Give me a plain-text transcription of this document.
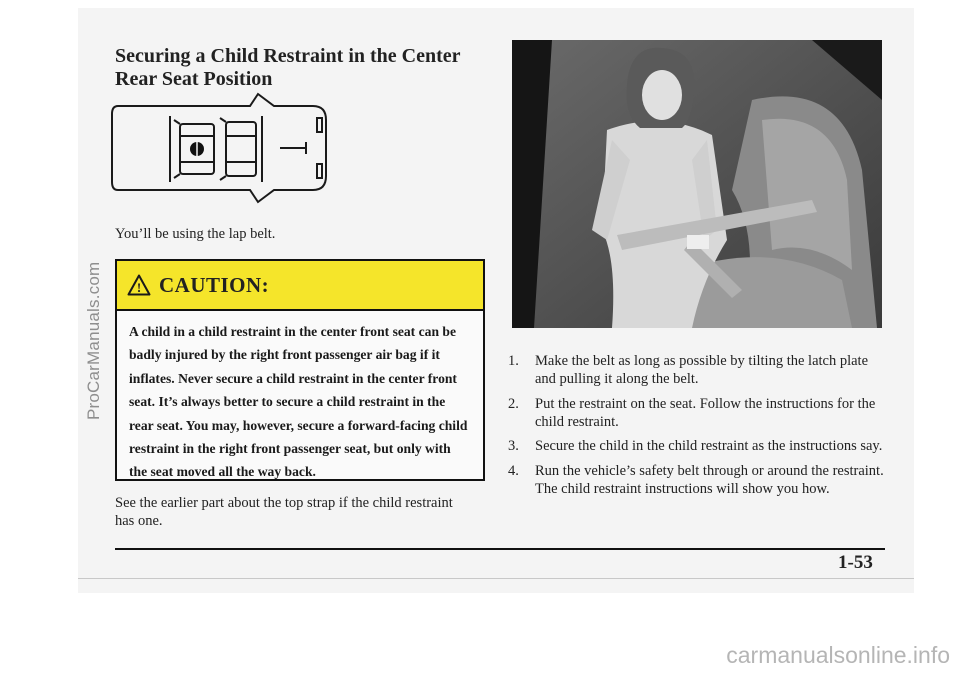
Securing a Child Restraint in the Center Rear Seat Position
You’ll be using the lap belt.
! CAUTION:
A child in a child restraint in the center front seat can be badly injured by the right front passenger air bag if it inflates. Never secure a child restraint in the center front seat. It’s always better to secure a child restraint in the rear seat. You may, however, secure a forward-facing child restraint in the right front passenger seat, but only with the seat moved all the way back.
See the earlier part about the top strap if the child restraint has one.
1.	Make the belt as long as possible by tilting the latch plate and pulling it along the belt.
2.	Put the restraint on the seat. Follow the instructions for the child restraint.
3.	Secure the child in the child restraint as the instructions say.
4.	Run the vehicle’s safety belt through or around the restraint. The child restraint instructions will show you how.
1-53
ProCarManuals.com
carmanualsonline.info
